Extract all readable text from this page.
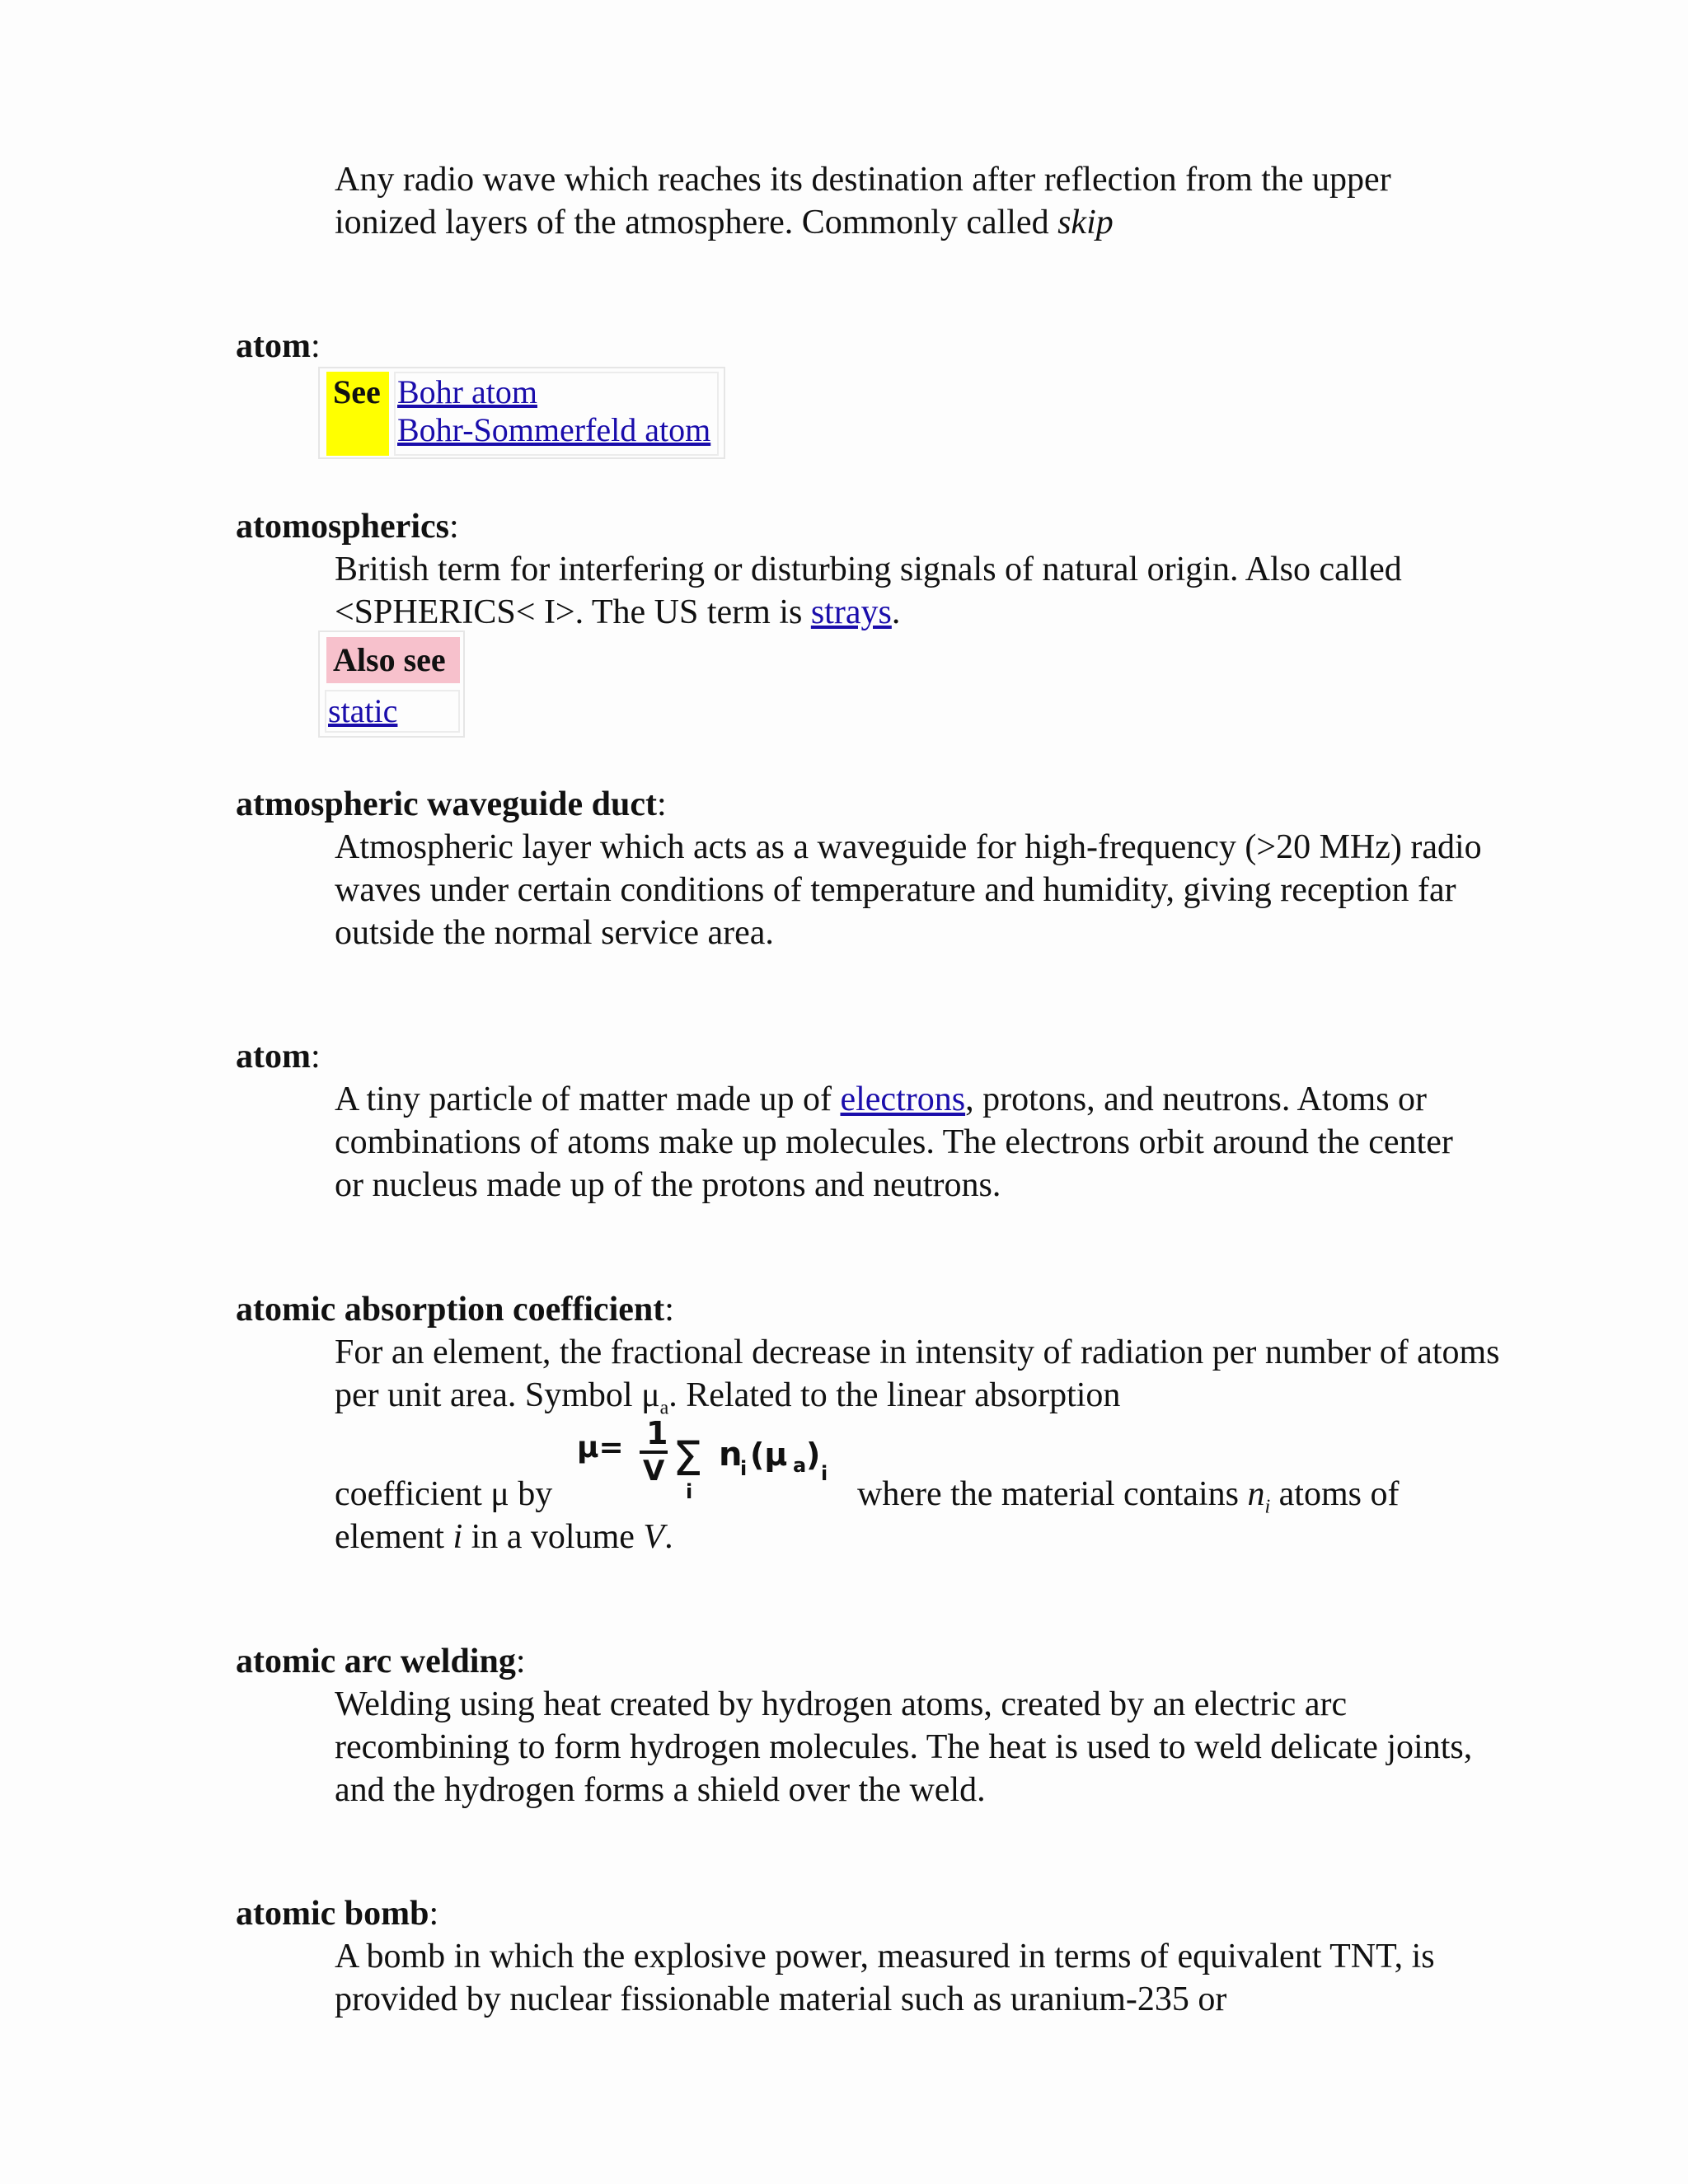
Any radio wave which reaches its destination after reflection from the upper ionized layers of the atmosphere. Commonly called skip
atom:
See Bohr atom
Bohr-Sommerfeld atom
atomospherics:
British term for interfering or disturbing signals of natural origin. Also called <SPHERICS< I>. The US term is strays.
Also see
static
atmospheric waveguide duct:
Atmospheric layer which acts as a waveguide for high-frequency (>20 MHz) radio waves under certain conditions of temperature and humidity, giving reception far outside the normal service area.
atom:
A tiny particle of matter made up of electrons, protons, and neutrons. Atoms or combinations of atoms make up molecules. The electrons orbit around the center or nucleus made up of the protons and neutrons.
atomic absorption coefficient:
For an element, the fractional decrease in intensity of radiation per number of atoms per unit area. Symbol $\mu_a$. Related to the linear absorption
coefficient μ by
μ= 1
V Σ
i
n
i (μ a )
i
where the material contains $n_i$ atoms of
element i in a volume V.
atomic arc welding:
Welding using heat created by hydrogen atoms, created by an electric arc recombining to form hydrogen molecules. The heat is used to weld delicate joints, and the hydrogen forms a shield over the weld.
atomic bomb:
A bomb in which the explosive power, measured in terms of equivalent TNT, is provided by nuclear fissionable material such as uranium-235 or
